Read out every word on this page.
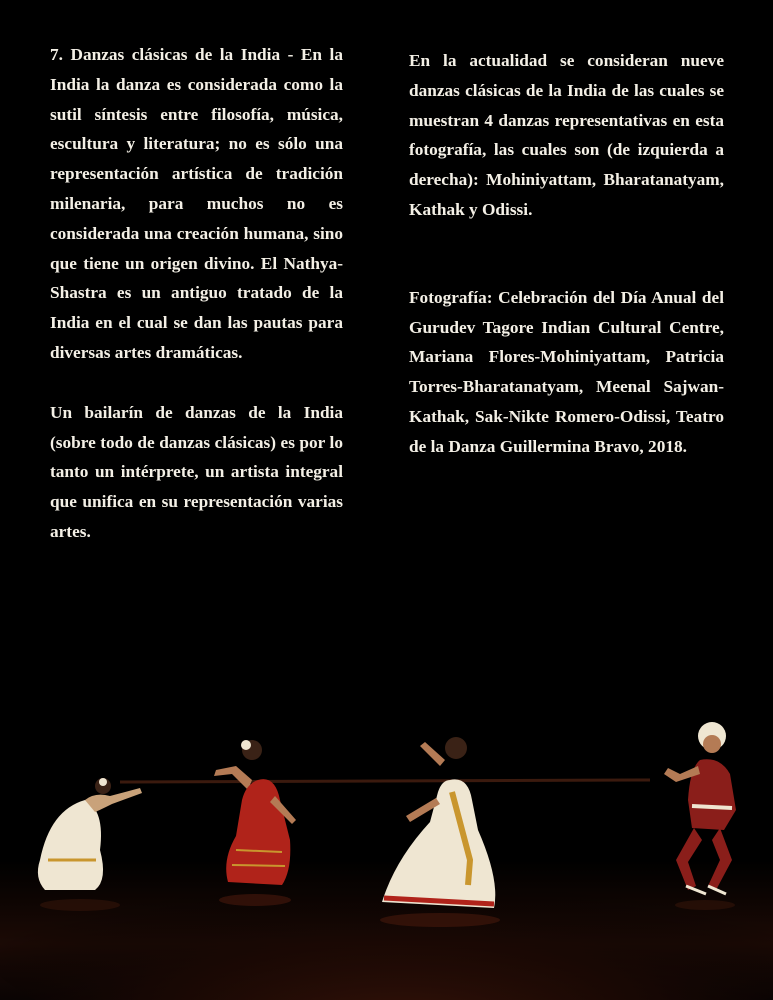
7. Danzas clásicas de la India - En la India la danza es considerada como la sutil síntesis entre filosofía, música, escultura y literatura; no es sólo una representación artística de tradición milenaria, para muchos no es considerada una creación humana, sino que tiene un origen divino. El Nathya-Shastra es un antiguo tratado de la India en el cual se dan las pautas para diversas artes dramáticas.

Un bailarín de danzas de la India (sobre todo de danzas clásicas) es por lo tanto un intérprete, un artista integral que unifica en su representación varias artes.

En la actualidad se consideran nueve danzas clásicas de la India de las cuales se muestran 4 danzas representativas en esta fotografía, las cuales son (de izquierda a derecha): Mohiniyattam, Bharatanatyam, Kathak y Odissi.

Fotografía: Celebración del Día Anual del Gurudev Tagore Indian Cultural Centre, Mariana Flores-Mohiniyattam, Patricia Torres-Bharatanatyam, Meenal Sajwan-Kathak, Sak-Nikte Romero-Odissi, Teatro de la Danza Guillermina Bravo, 2018.
